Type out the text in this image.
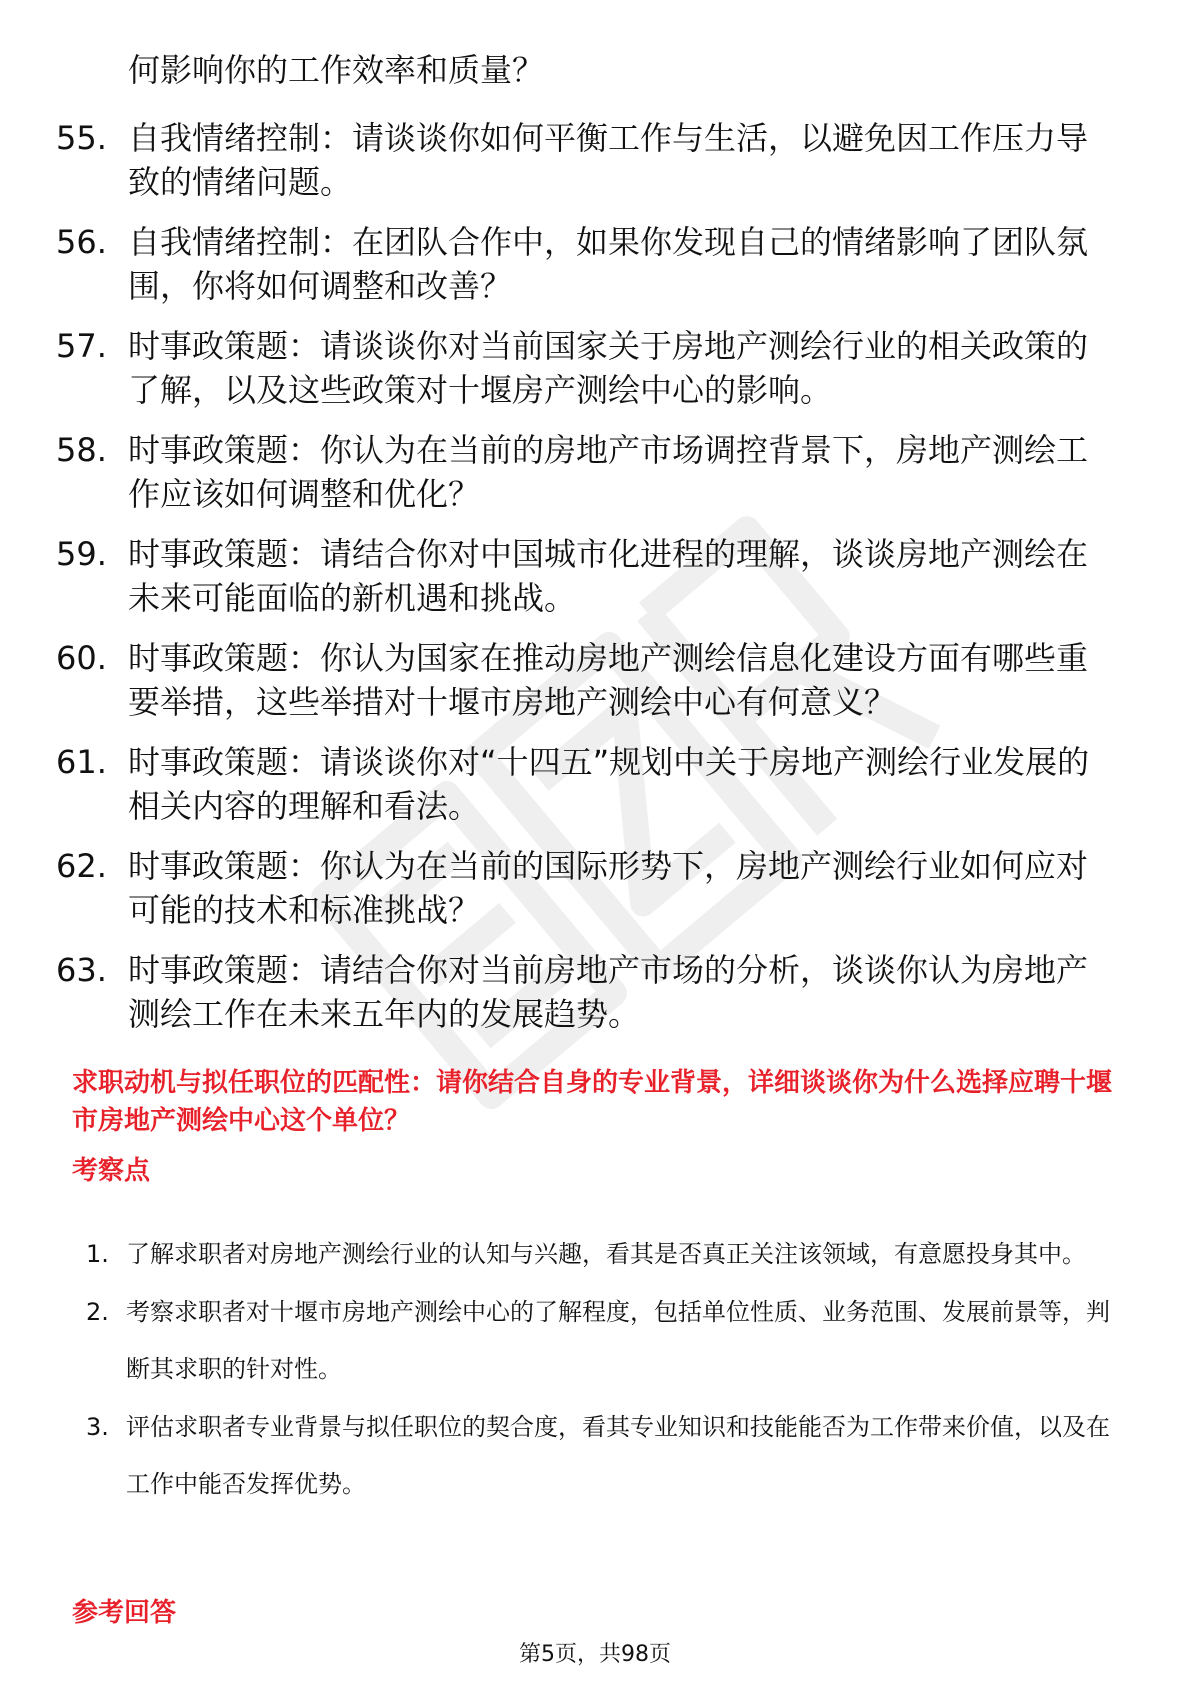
何影响你的工作效率和质量？
55. 自我情绪控制：请谈谈你如何平衡工作与生活，以避免因工作压力导致的情绪问题。
56. 自我情绪控制：在团队合作中，如果你发现自己的情绪影响了团队氛围，你将如何调整和改善？
57. 时事政策题：请谈谈你对当前国家关于房地产测绘行业的相关政策的了解，以及这些政策对十堰房产测绘中心的影响。
58. 时事政策题：你认为在当前的房地产市场调控背景下，房地产测绘工作应该如何调整和优化？
59. 时事政策题：请结合你对中国城市化进程的理解，谈谈房地产测绘在未来可能面临的新机遇和挑战。
60. 时事政策题：你认为国家在推动房地产测绘信息化建设方面有哪些重要举措，这些举措对十堰市房地产测绘中心有何意义？
61. 时事政策题：请谈谈你对“十四五”规划中关于房地产测绘行业发展的相关内容的理解和看法。
62. 时事政策题：你认为在当前的国际形势下，房地产测绘行业如何应对可能的技术和标准挑战？
63. 时事政策题：请结合你对当前房地产市场的分析，谈谈你认为房地产测绘工作在未来五年内的发展趋势。
求职动机与拟任职位的匹配性：请你结合自身的专业背景，详细谈谈你为什么选择应聘十堰市房地产测绘中心这个单位？
考察点
1. 了解求职者对房地产测绘行业的认知与兴趣，看其是否真正关注该领域，有意愿投身其中。
2. 考察求职者对十堰市房地产测绘中心的了解程度，包括单位性质、业务范围、发展前景等，判断其求职的针对性。
3. 评估求职者专业背景与拟任职位的契合度，看其专业知识和技能能否为工作带来价值，以及在工作中能否发挥优势。
参考回答
第5页，共98页
